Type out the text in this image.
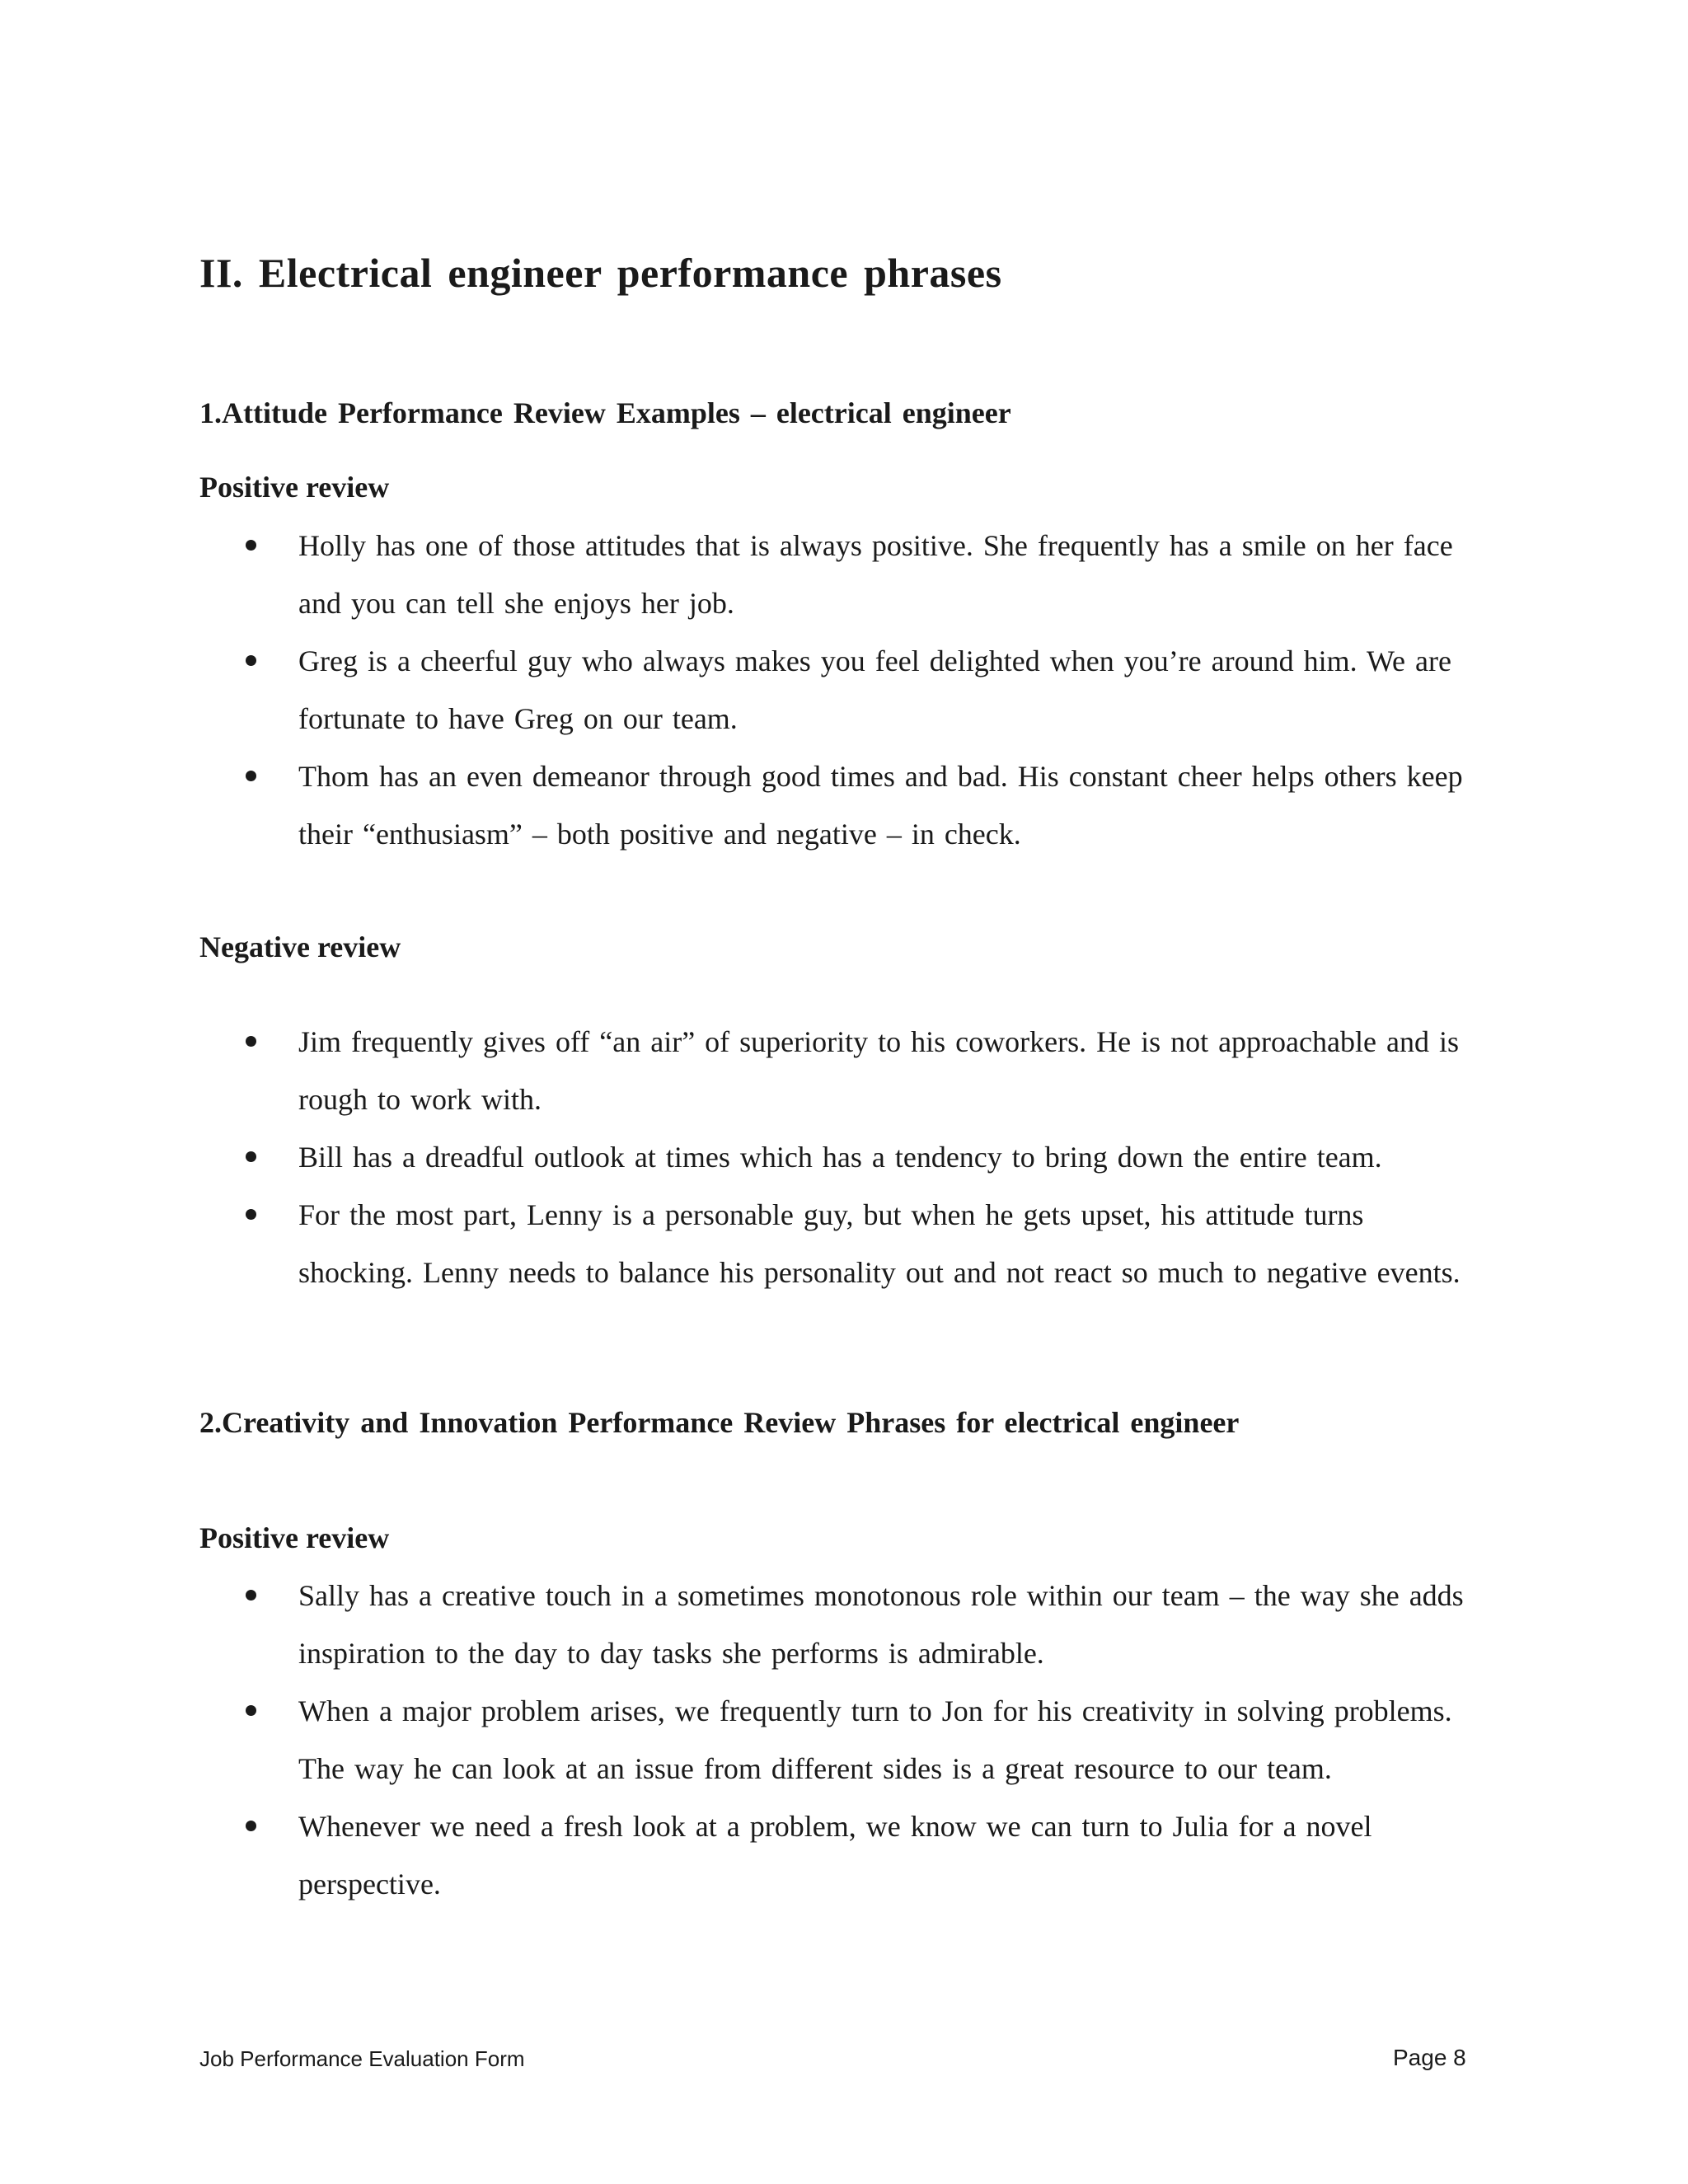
II. Electrical engineer performance phrases
1.Attitude Performance Review Examples – electrical engineer
Positive review
Holly has one of those attitudes that is always positive. She frequently has a smile on her face and you can tell she enjoys her job.
Greg is a cheerful guy who always makes you feel delighted when you’re around him. We are fortunate to have Greg on our team.
Thom has an even demeanor through good times and bad. His constant cheer helps others keep their “enthusiasm” – both positive and negative – in check.
Negative review
Jim frequently gives off “an air” of superiority to his coworkers. He is not approachable and is rough to work with.
Bill has a dreadful outlook at times which has a tendency to bring down the entire team.
For the most part, Lenny is a personable guy, but when he gets upset, his attitude turns shocking. Lenny needs to balance his personality out and not react so much to negative events.
2.Creativity and Innovation Performance Review Phrases for electrical engineer
Positive review
Sally has a creative touch in a sometimes monotonous role within our team – the way she adds inspiration to the day to day tasks she performs is admirable.
When a major problem arises, we frequently turn to Jon for his creativity in solving problems. The way he can look at an issue from different sides is a great resource to our team.
Whenever we need a fresh look at a problem, we know we can turn to Julia for a novel perspective.
Job Performance Evaluation Form	Page 8
